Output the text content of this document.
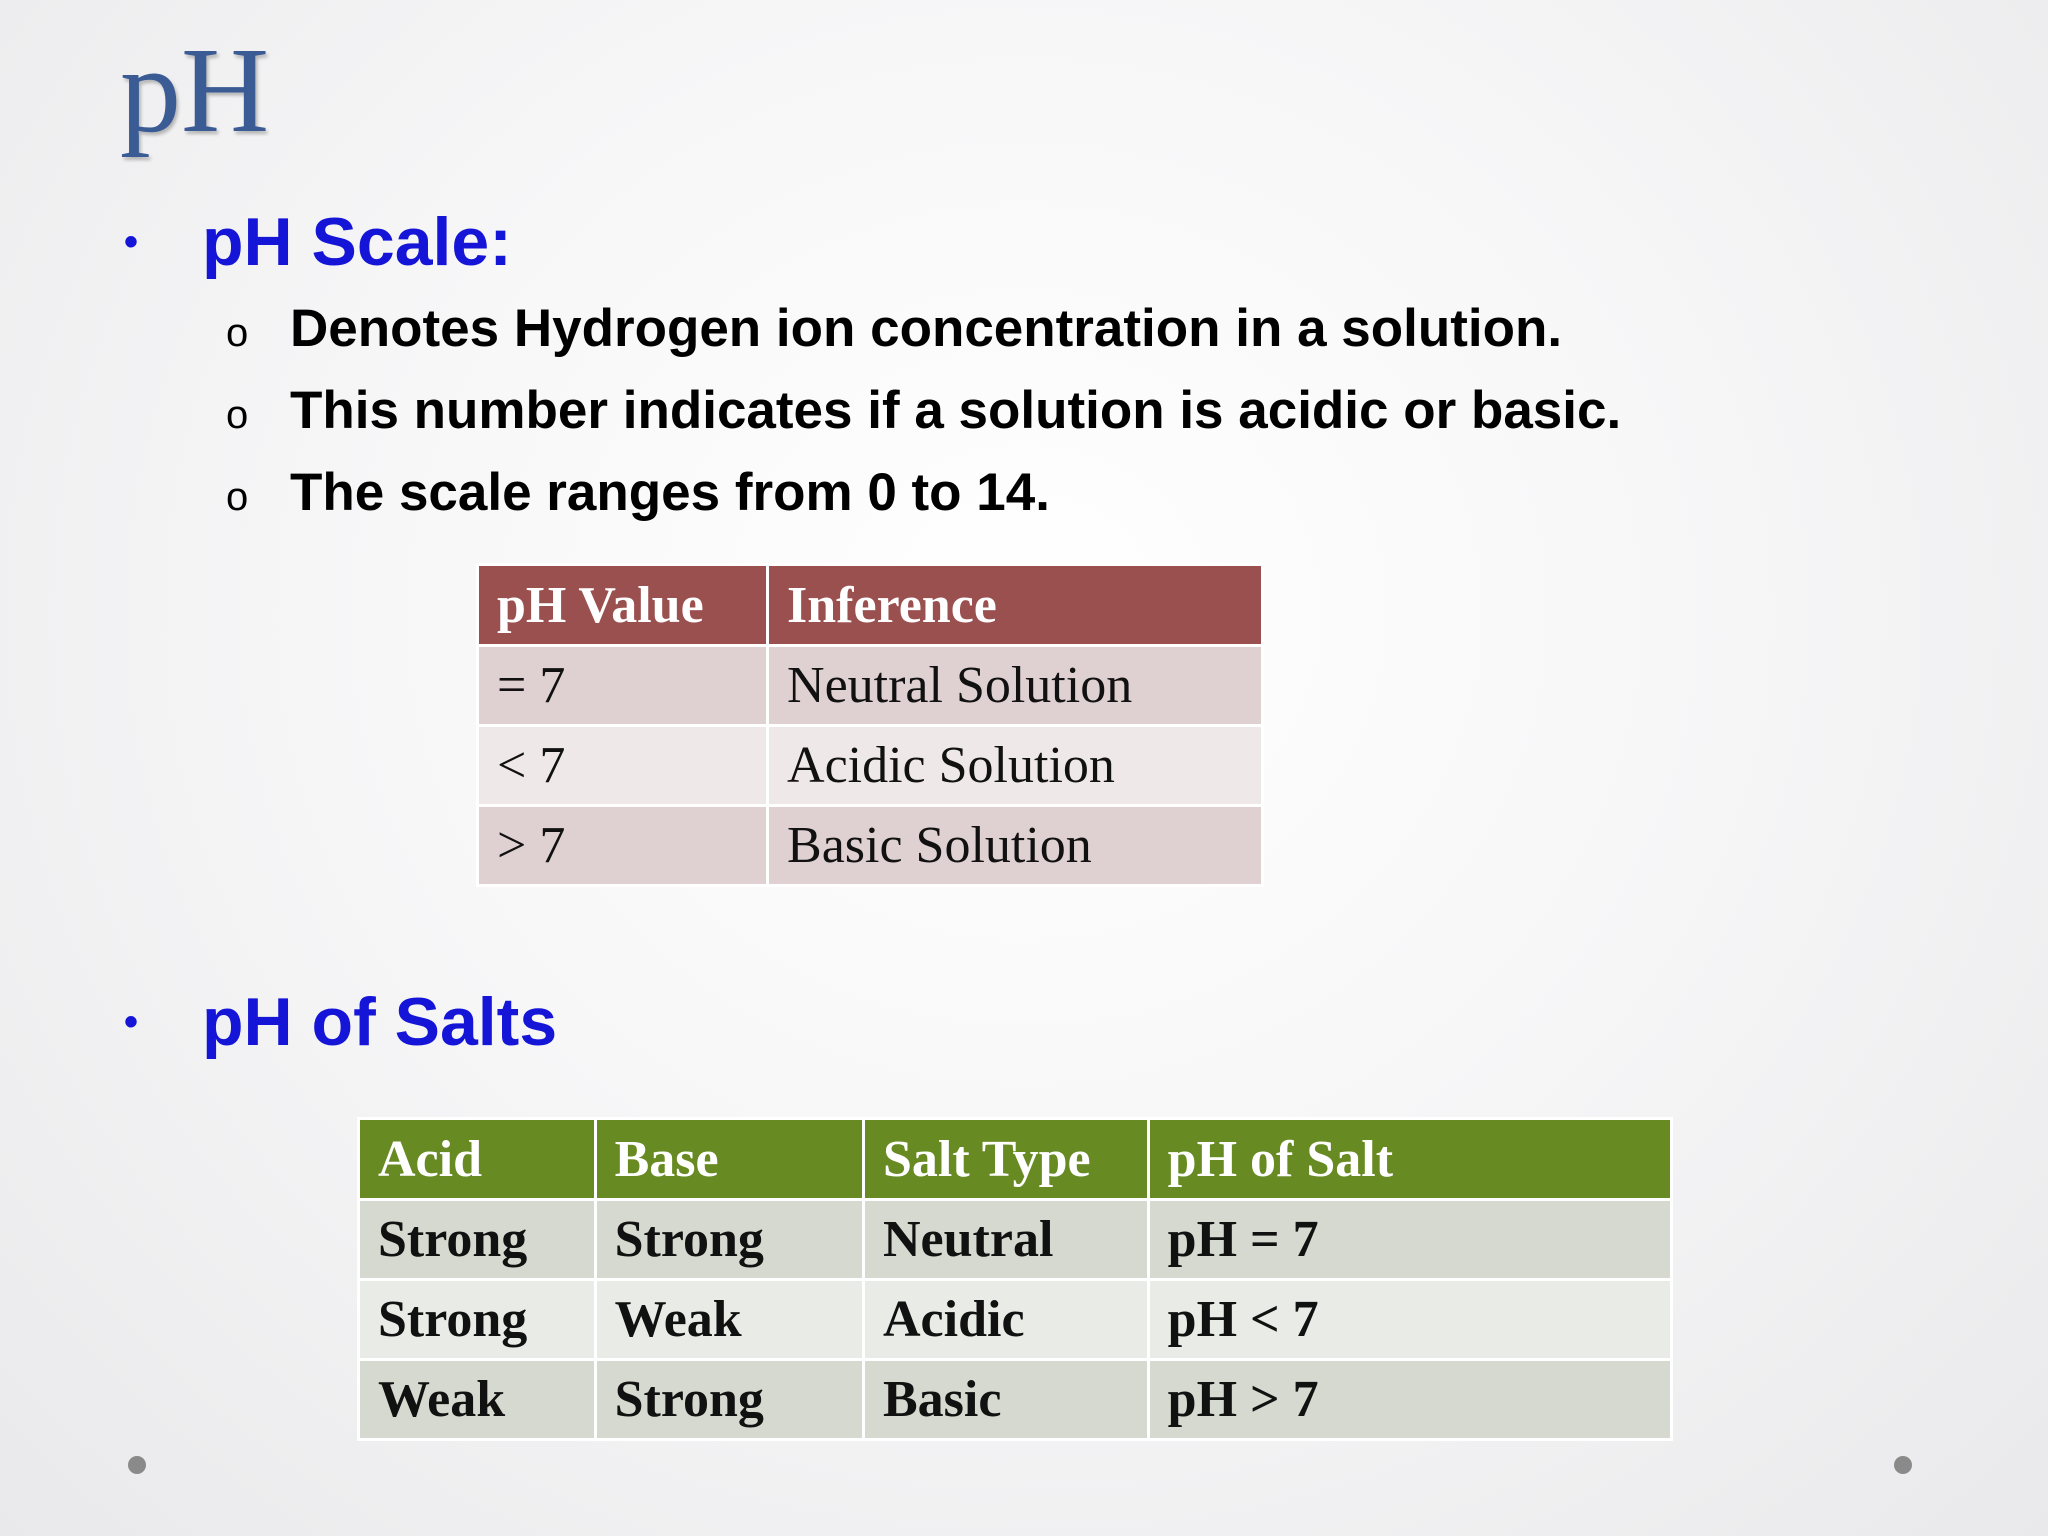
pH
• pH Scale:
o Denotes Hydrogen ion concentration in a solution.
o This number indicates if a solution is acidic or basic.
o The scale ranges from 0 to 14.
pH Value	Inference
= 7	Neutral Solution
< 7	Acidic Solution
> 7	Basic Solution
• pH of Salts
Acid	Base	Salt Type	pH of Salt
Strong	Strong	Neutral	pH = 7
Strong	Weak	Acidic	pH < 7
Weak	Strong	Basic	pH > 7
